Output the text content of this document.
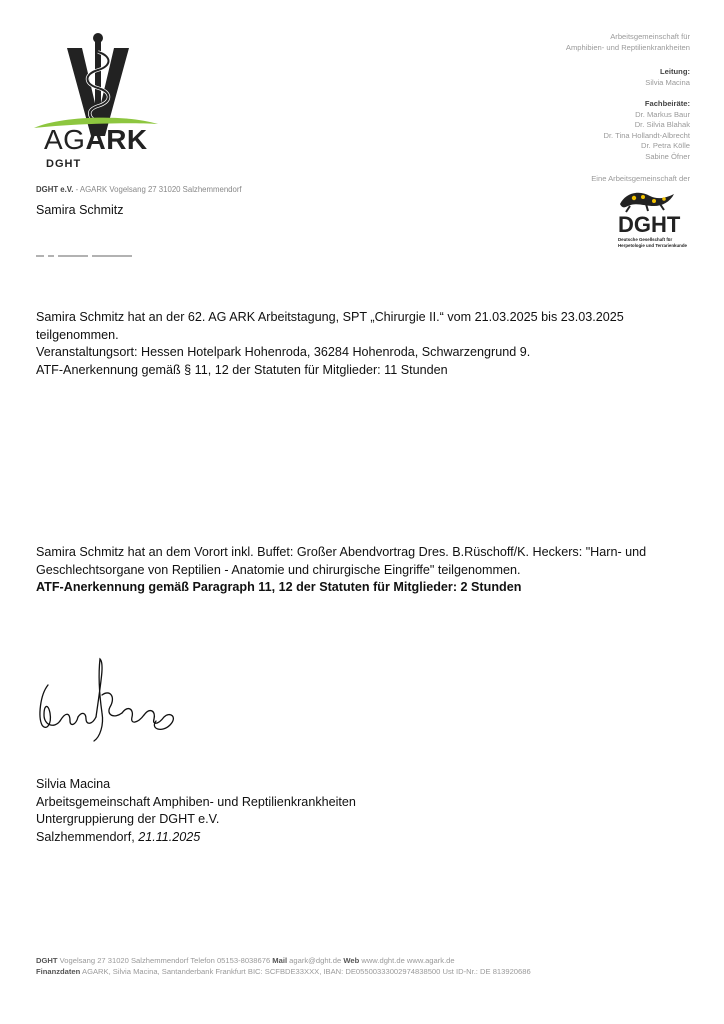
AGARK
DGHT
Arbeitsgemeinschaft für
Amphibien- und Reptilienkrankheiten
Leitung:
Silvia Macina
Fachbeiräte:
Dr. Markus Baur
Dr. Silvia Blahak
Dr. Tina Hollandt-Albrecht
Dr. Petra Kölle
Sabine Öfner
Eine Arbeitsgemeinschaft der
DGHT
Deutsche Gesellschaft für
Herpetologie und Terrarienkunde
DGHT e.V. - AGARK Vogelsang 27 31020 Salzhemmendorf
Samira Schmitz
Samira Schmitz hat an der 62. AG ARK Arbeitstagung, SPT „Chirurgie II.“ vom 21.03.2025 bis 23.03.2025
teilgenommen.
Veranstaltungsort: Hessen Hotelpark Hohenroda, 36284 Hohenroda, Schwarzengrund 9.
ATF-Anerkennung gemäß § 11, 12 der Statuten für Mitglieder: 11 Stunden
Samira Schmitz hat an dem Vorort inkl. Buffet: Großer Abendvortrag Dres. B.Rüschoff/K. Heckers: "Harn- und
Geschlechtsorgane von Reptilien - Anatomie und chirurgische Eingriffe" teilgenommen.
ATF-Anerkennung gemäß Paragraph 11, 12 der Statuten für Mitglieder: 2 Stunden
Silvia Macina
Arbeitsgemeinschaft Amphiben- und Reptilienkrankheiten
Untergruppierung der DGHT e.V.
Salzhemmendorf, 21.11.2025
DGHT Vogelsang 27 31020 Salzhemmendorf Telefon 05153-8038676 Mail agark@dght.de Web www.dght.de www.agark.de
Finanzdaten AGARK, Silvia Macina, Santanderbank Frankfurt BIC: SCFBDE33XXX, IBAN: DE05500333002974838500 Ust ID-Nr.: DE 813920686
